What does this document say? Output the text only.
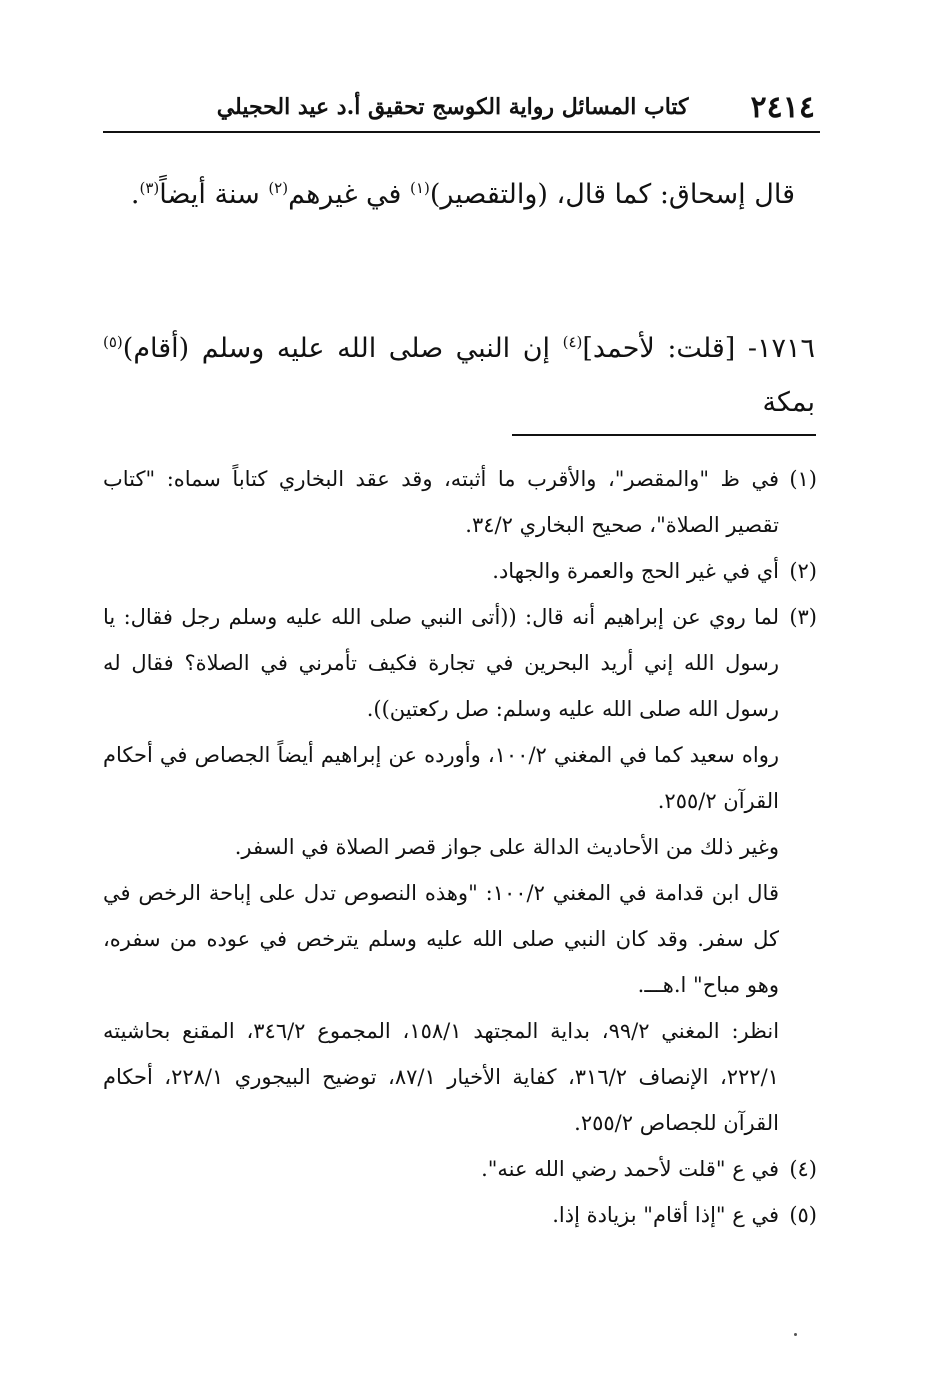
٢٤١٤
كتاب المسائل رواية الكوسج تحقيق أ.د عيد الحجيلي
قال إسحاق: كما قال، (والتقصير)$^{(١)}$ في غيرهم$^{(٢)}$ سنة أيضاً$^{(٣)}$.
١٧١٦- [قلت: لأحمد]$^{(٤)}$ إن النبي صلى الله عليه وسلم (أقام)$^{(٥)}$ بمكة
(١)
في ظ "والمقصر"، والأقرب ما أثبته، وقد عقد البخاري كتاباً سماه: "كتاب تقصير الصلاة"، صحيح البخاري ٣٤/٢.
(٢)
أي في غير الحج والعمرة والجهاد.
(٣)
لما روي عن إبراهيم أنه قال: ((أتى النبي صلى الله عليه وسلم رجل فقال: يا رسول الله إني أريد البحرين في تجارة فكيف تأمرني في الصلاة؟ فقال له رسول الله صلى الله عليه وسلم: صل ركعتين)).
رواه سعيد كما في المغني ١٠٠/٢، وأورده عن إبراهيم أيضاً الجصاص في أحكام القرآن ٢٥٥/٢.
وغير ذلك من الأحاديث الدالة على جواز قصر الصلاة في السفر.
قال ابن قدامة في المغني ١٠٠/٢: "وهذه النصوص تدل على إباحة الرخص في كل سفر. وقد كان النبي صلى الله عليه وسلم يترخص في عوده من سفره، وهو مباح" ا.هـــ.
انظر: المغني ٩٩/٢، بداية المجتهد ١٥٨/١، المجموع ٣٤٦/٢، المقنع بحاشيته ٢٢٢/١، الإنصاف ٣١٦/٢، كفاية الأخيار ٨٧/١، توضيح البيجوري ٢٢٨/١، أحكام القرآن للجصاص ٢٥٥/٢.
(٤)
في ع "قلت لأحمد رضي الله عنه".
(٥)
في ع "إذا أقام" بزيادة إذا.
